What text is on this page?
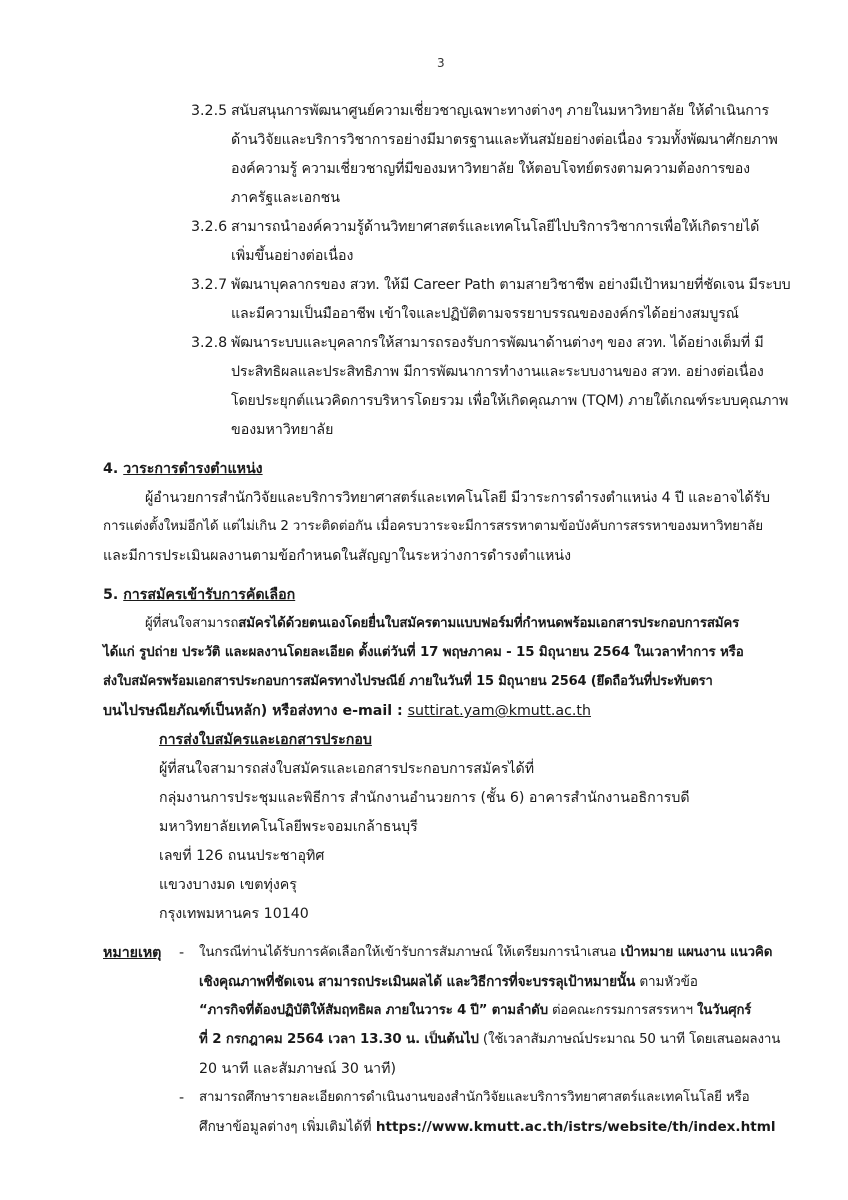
3
3.2.5 สนับสนุนการพัฒนาศูนย์ความเชี่ยวชาญเฉพาะทางต่างๆ ภายในมหาวิทยาลัย ให้ดำเนินการ
ด้านวิจัยและบริการวิชาการอย่างมีมาตรฐานและทันสมัยอย่างต่อเนื่อง รวมทั้งพัฒนาศักยภาพ
องค์ความรู้ ความเชี่ยวชาญที่มีของมหาวิทยาลัย ให้ตอบโจทย์ตรงตามความต้องการของ
ภาครัฐและเอกชน
3.2.6 สามารถนำองค์ความรู้ด้านวิทยาศาสตร์และเทคโนโลยีไปบริการวิชาการเพื่อให้เกิดรายได้
เพิ่มขึ้นอย่างต่อเนื่อง
3.2.7 พัฒนาบุคลากรของ สวท. ให้มี Career Path ตามสายวิชาชีพ อย่างมีเป้าหมายที่ชัดเจน มีระบบ
และมีความเป็นมืออาชีพ เข้าใจและปฏิบัติตามจรรยาบรรณขององค์กรได้อย่างสมบูรณ์
3.2.8 พัฒนาระบบและบุคลากรให้สามารถรองรับการพัฒนาด้านต่างๆ ของ สวท. ได้อย่างเต็มที่ มี
ประสิทธิผลและประสิทธิภาพ มีการพัฒนาการทำงานและระบบงานของ สวท. อย่างต่อเนื่อง
โดยประยุกต์แนวคิดการบริหารโดยรวม เพื่อให้เกิดคุณภาพ (TQM) ภายใต้เกณฑ์ระบบคุณภาพ
ของมหาวิทยาลัย
4. วาระการดำรงตำแหน่ง
ผู้อำนวยการสำนักวิจัยและบริการวิทยาศาสตร์และเทคโนโลยี มีวาระการดำรงตำแหน่ง 4 ปี และอาจได้รับ
การแต่งตั้งใหม่อีกได้ แต่ไม่เกิน 2 วาระติดต่อกัน เมื่อครบวาระจะมีการสรรหาตามข้อบังคับการสรรหาของมหาวิทยาลัย
และมีการประเมินผลงานตามข้อกำหนดในสัญญาในระหว่างการดำรงตำแหน่ง
5. การสมัครเข้ารับการคัดเลือก
ผู้ที่สนใจสามารถสมัครได้ด้วยตนเองโดยยื่นใบสมัครตามแบบฟอร์มที่กำหนดพร้อมเอกสารประกอบการสมัคร
ได้แก่ รูปถ่าย ประวัติ และผลงานโดยละเอียด ตั้งแต่วันที่ 17 พฤษภาคม - 15 มิถุนายน 2564 ในเวลาทำการ หรือ
ส่งใบสมัครพร้อมเอกสารประกอบการสมัครทางไปรษณีย์ ภายในวันที่ 15 มิถุนายน 2564 (ยึดถือวันที่ประทับตรา
บนไปรษณียภัณฑ์เป็นหลัก) หรือส่งทาง e-mail : suttirat.yam@kmutt.ac.th
การส่งใบสมัครและเอกสารประกอบ
ผู้ที่สนใจสามารถส่งใบสมัครและเอกสารประกอบการสมัครได้ที่
กลุ่มงานการประชุมและพิธีการ สำนักงานอำนวยการ (ชั้น 6) อาคารสำนักงานอธิการบดี
มหาวิทยาลัยเทคโนโลยีพระจอมเกล้าธนบุรี
เลขที่ 126 ถนนประชาอุทิศ
แขวงบางมด เขตทุ่งครุ
กรุงเทพมหานคร 10140
หมายเหตุ - ในกรณีท่านได้รับการคัดเลือกให้เข้ารับการสัมภาษณ์ ให้เตรียมการนำเสนอ เป้าหมาย แผนงาน แนวคิด
เชิงคุณภาพที่ชัดเจน สามารถประเมินผลได้ และวิธีการที่จะบรรลุเป้าหมายนั้น ตามหัวข้อ
“ภารกิจที่ต้องปฏิบัติให้สัมฤทธิผล ภายในวาระ 4 ปี” ตามลำดับ ต่อคณะกรรมการสรรหาฯ ในวันศุกร์
ที่ 2 กรกฎาคม 2564 เวลา 13.30 น. เป็นต้นไป (ใช้เวลาสัมภาษณ์ประมาณ 50 นาที โดยเสนอผลงาน
20 นาที และสัมภาษณ์ 30 นาที)
- สามารถศึกษารายละเอียดการดำเนินงานของสำนักวิจัยและบริการวิทยาศาสตร์และเทคโนโลยี หรือ
ศึกษาข้อมูลต่างๆ เพิ่มเติมได้ที่ https://www.kmutt.ac.th/istrs/website/th/index.html
